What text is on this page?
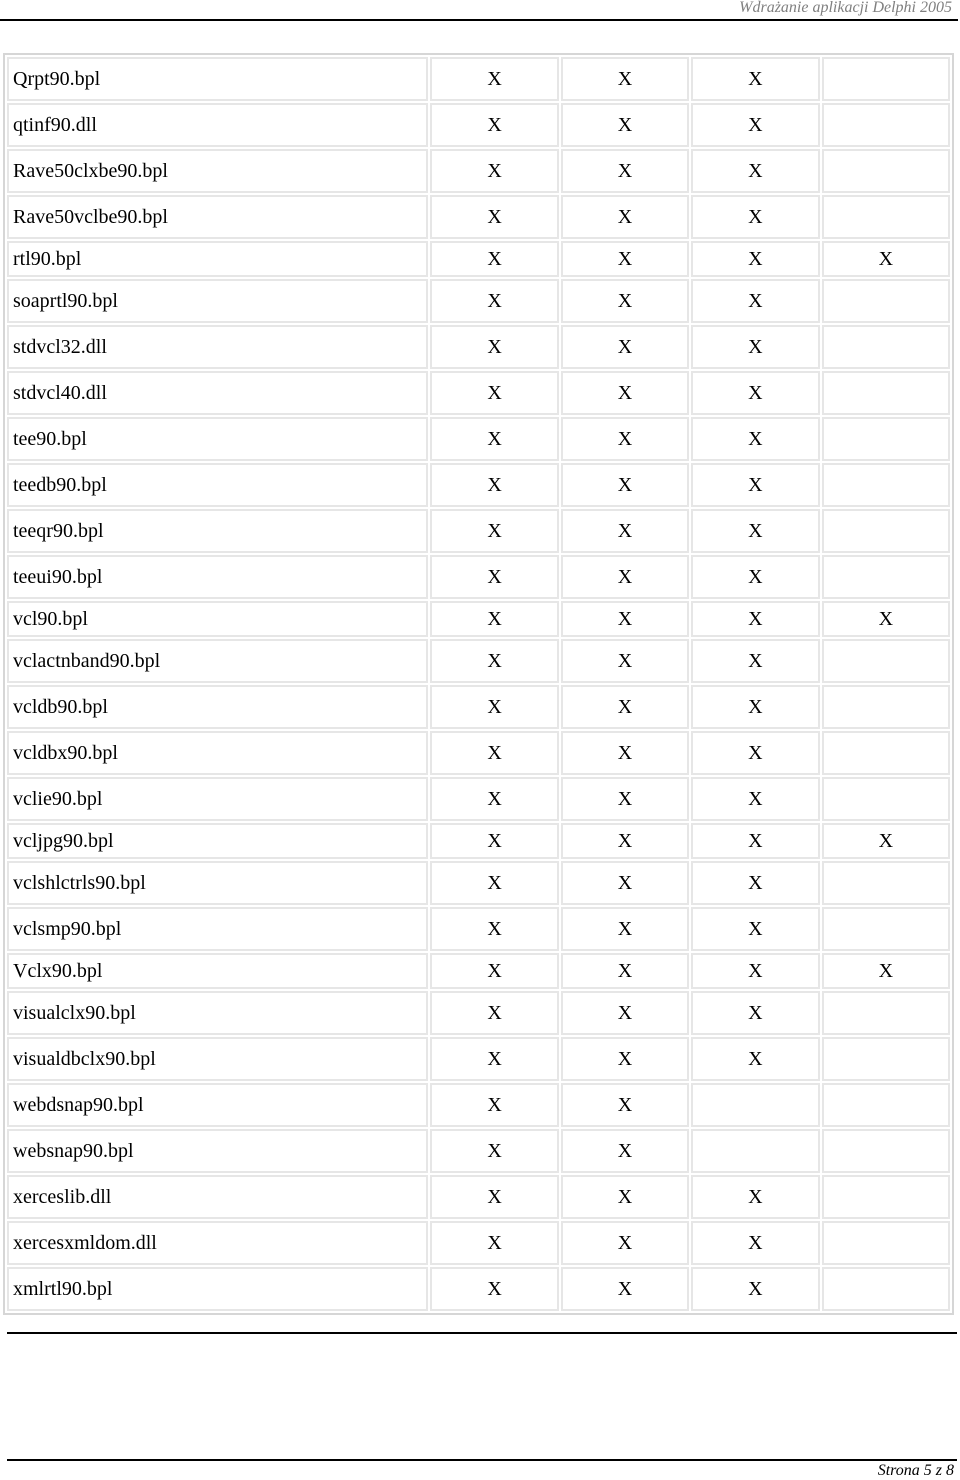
Wdrażanie aplikacji Delphi 2005
Qrpt90.bpl	X	X	X	
qtinf90.dll	X	X	X	
Rave50clxbe90.bpl	X	X	X	
Rave50vclbe90.bpl	X	X	X	
rtl90.bpl	X	X	X	X
soaprtl90.bpl	X	X	X	
stdvcl32.dll	X	X	X	
stdvcl40.dll	X	X	X	
tee90.bpl	X	X	X	
teedb90.bpl	X	X	X	
teeqr90.bpl	X	X	X	
teeui90.bpl	X	X	X	
vcl90.bpl	X	X	X	X
vclactnband90.bpl	X	X	X	
vcldb90.bpl	X	X	X	
vcldbx90.bpl	X	X	X	
vclie90.bpl	X	X	X	
vcljpg90.bpl	X	X	X	X
vclshlctrls90.bpl	X	X	X	
vclsmp90.bpl	X	X	X	
Vclx90.bpl	X	X	X	X
visualclx90.bpl	X	X	X	
visualdbclx90.bpl	X	X	X	
webdsnap90.bpl	X	X		
websnap90.bpl	X	X		
xerceslib.dll	X	X	X	
xercesxmldom.dll	X	X	X	
xmlrtl90.bpl	X	X	X	
Strona 5 z 8
